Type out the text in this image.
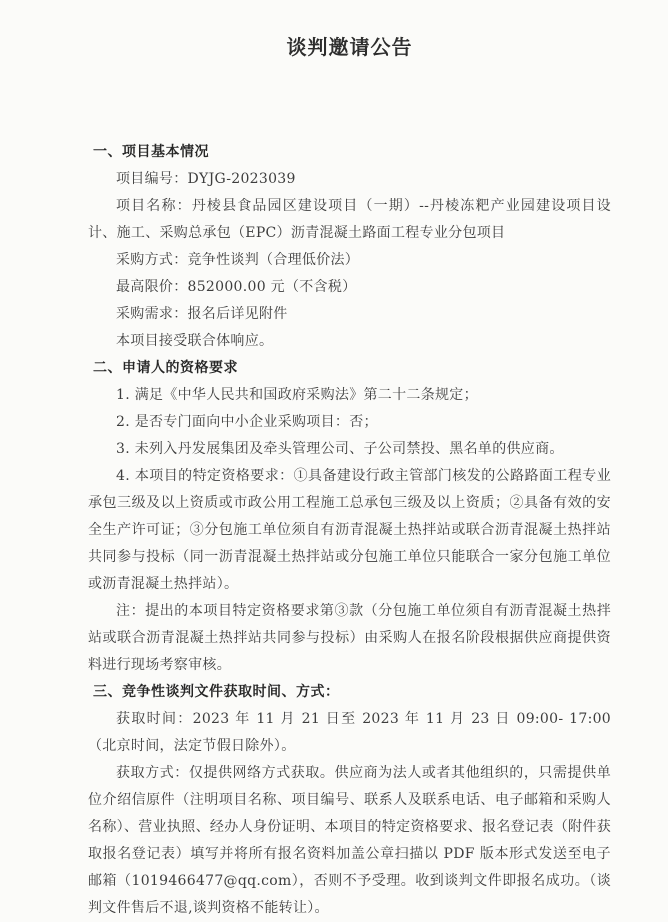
谈判邀请公告
一、项目基本情况

项目编号：DYJG-2023039

项目名称：丹棱县食品园区建设项目（一期）--丹棱冻粑产业园建设项目设计、施工、采购总承包（EPC）沥青混凝土路面工程专业分包项目

采购方式：竞争性谈判（合理低价法）

最高限价：852000.00 元（不含税）

采购需求：报名后详见附件

本项目接受联合体响应。

二、申请人的资格要求

1. 满足《中华人民共和国政府采购法》第二十二条规定；

2. 是否专门面向中小企业采购项目：否；

3. 未列入丹发展集团及牵头管理公司、子公司禁投、黑名单的供应商。

4. 本项目的特定资格要求：①具备建设行政主管部门核发的公路路面工程专业承包三级及以上资质或市政公用工程施工总承包三级及以上资质；②具备有效的安全生产许可证；③分包施工单位须自有沥青混凝土热拌站或联合沥青混凝土热拌站共同参与投标（同一沥青混凝土热拌站或分包施工单位只能联合一家分包施工单位或沥青混凝土热拌站）。

注：提出的本项目特定资格要求第③款（分包施工单位须自有沥青混凝土热拌站或联合沥青混凝土热拌站共同参与投标）由采购人在报名阶段根据供应商提供资料进行现场考察审核。

三、竞争性谈判文件获取时间、方式：

获取时间：2023 年 11 月 21 日至 2023 年 11 月 23 日 09:00- 17:00（北京时间，法定节假日除外）。

获取方式：仅提供网络方式获取。供应商为法人或者其他组织的，只需提供单位介绍信原件（注明项目名称、项目编号、联系人及联系电话、电子邮箱和采购人名称）、营业执照、经办人身份证明、本项目的特定资格要求、报名登记表（附件获取报名登记表）填写并将所有报名资料加盖公章扫描以 PDF 版本形式发送至电子邮箱（1019466477@qq.com），否则不予受理。收到谈判文件即报名成功。（谈判文件售后不退,谈判资格不能转让）。
